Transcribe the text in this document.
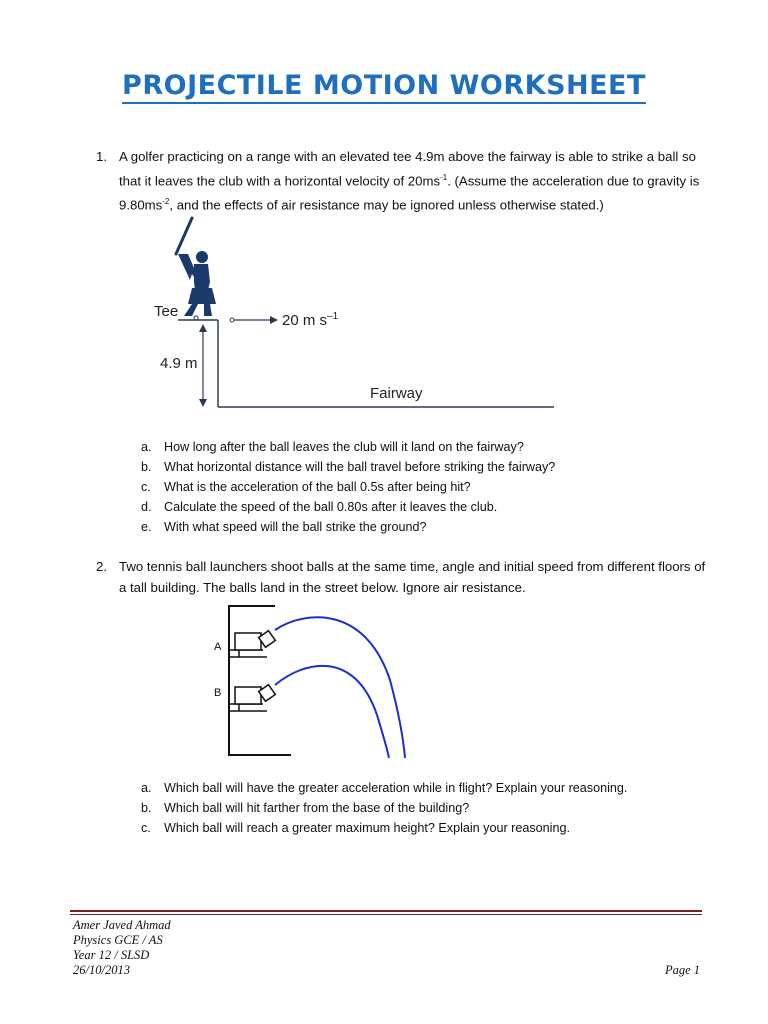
PROJECTILE MOTION WORKSHEET
1. A golfer practicing on a range with an elevated tee 4.9m above the fairway is able to strike a ball so that it leaves the club with a horizontal velocity of $20ms^{-1}$. (Assume the acceleration due to gravity is $9.80ms^{-2}$, and the effects of air resistance may be ignored unless otherwise stated.)
Tee
20 m $s^{-1}$
4.9 m
Fairway
a. How long after the ball leaves the club will it land on the fairway?
b. What horizontal distance will the ball travel before striking the fairway?
c.	What is the acceleration of the ball 0.5s after being hit?
d. Calculate the speed of the ball 0.80s after it leaves the club.
e. With what speed will the ball strike the ground?
2. Two tennis ball launchers shoot balls at the same time, angle and initial speed from different floors of a tall building. The balls land in the street below. Ignore air resistance.
A
B
a. Which ball will have the greater acceleration while in flight? Explain your reasoning.
b. Which ball will hit farther from the base of the building?
c.	Which ball will reach a greater maximum height? Explain your reasoning.
Amer Javed Ahmad
Physics GCE / AS
Year 12 / SLSD
26/10/2013	Page 1
